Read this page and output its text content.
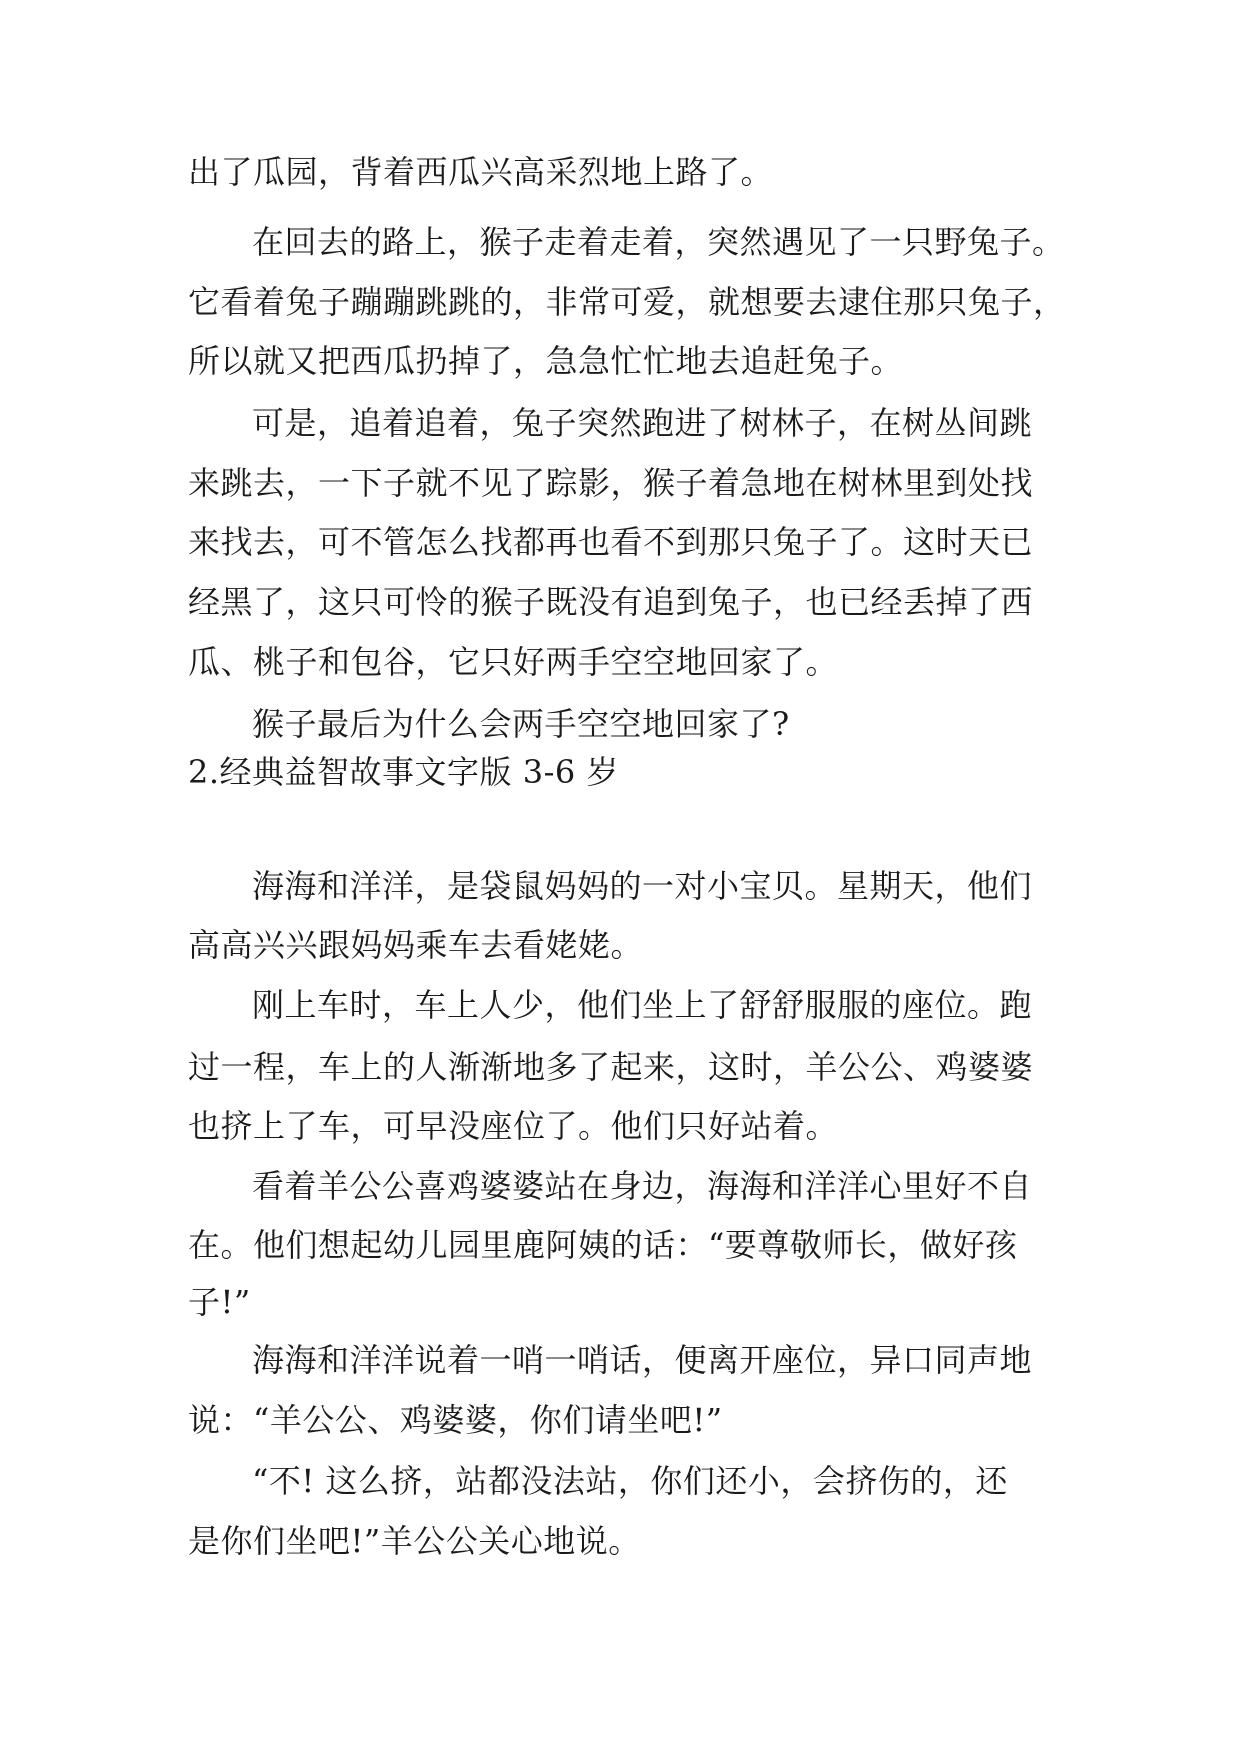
出了瓜园，背着西瓜兴高采烈地上路了。
在回去的路上，猴子走着走着，突然遇见了一只野兔子。
它看着兔子蹦蹦跳跳的，非常可爱，就想要去逮住那只兔子，
所以就又把西瓜扔掉了，急急忙忙地去追赶兔子。
可是，追着追着，兔子突然跑进了树林子，在树丛间跳
来跳去，一下子就不见了踪影，猴子着急地在树林里到处找
来找去，可不管怎么找都再也看不到那只兔子了。这时天已
经黑了，这只可怜的猴子既没有追到兔子，也已经丢掉了西
瓜、桃子和包谷，它只好两手空空地回家了。
猴子最后为什么会两手空空地回家了?
2.经典益智故事文字版 3-6 岁
海海和洋洋，是袋鼠妈妈的一对小宝贝。星期天，他们
高高兴兴跟妈妈乘车去看姥姥。
刚上车时，车上人少，他们坐上了舒舒服服的座位。跑
过一程，车上的人渐渐地多了起来，这时，羊公公、鸡婆婆
也挤上了车，可早没座位了。他们只好站着。
看着羊公公喜鸡婆婆站在身边，海海和洋洋心里好不自
在。他们想起幼儿园里鹿阿姨的话：“要尊敬师长，做好孩
子!”
海海和洋洋说着一哨一哨话，便离开座位，异口同声地
说：“羊公公、鸡婆婆，你们请坐吧!”
“不! 这么挤，站都没法站，你们还小，会挤伤的，还
是你们坐吧!”羊公公关心地说。
